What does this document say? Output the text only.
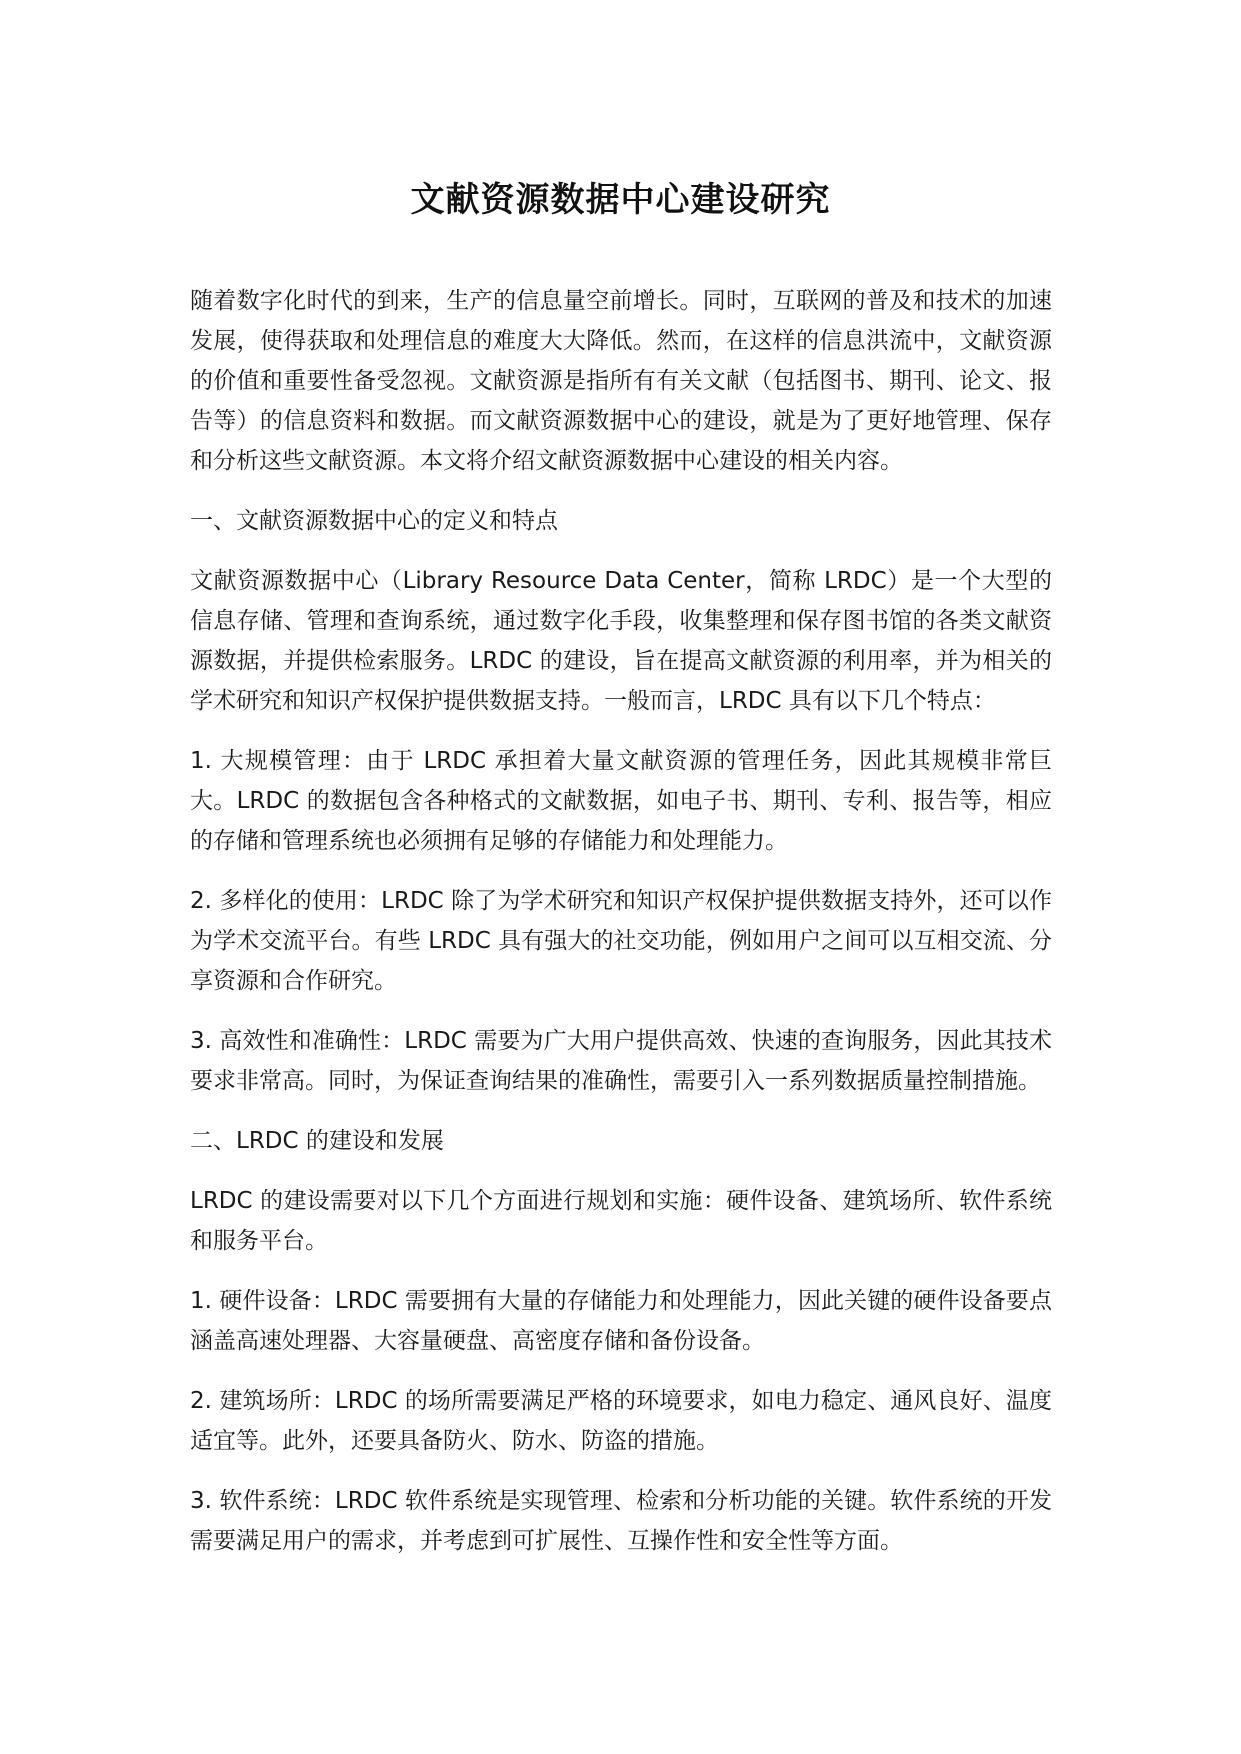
文献资源数据中心建设研究

随着数字化时代的到来，生产的信息量空前增长。同时，互联网的普及和技术的加速发展，使得获取和处理信息的难度大大降低。然而，在这样的信息洪流中，文献资源的价值和重要性备受忽视。文献资源是指所有有关文献（包括图书、期刊、论文、报告等）的信息资料和数据。而文献资源数据中心的建设，就是为了更好地管理、保存和分析这些文献资源。本文将介绍文献资源数据中心建设的相关内容。

一、文献资源数据中心的定义和特点

文献资源数据中心（Library Resource Data Center，简称 LRDC）是一个大型的信息存储、管理和查询系统，通过数字化手段，收集整理和保存图书馆的各类文献资源数据，并提供检索服务。LRDC 的建设，旨在提高文献资源的利用率，并为相关的学术研究和知识产权保护提供数据支持。一般而言，LRDC 具有以下几个特点：

1. 大规模管理：由于 LRDC 承担着大量文献资源的管理任务，因此其规模非常巨大。LRDC 的数据包含各种格式的文献数据，如电子书、期刊、专利、报告等，相应的存储和管理系统也必须拥有足够的存储能力和处理能力。

2. 多样化的使用：LRDC 除了为学术研究和知识产权保护提供数据支持外，还可以作为学术交流平台。有些 LRDC 具有强大的社交功能，例如用户之间可以互相交流、分享资源和合作研究。

3. 高效性和准确性：LRDC 需要为广大用户提供高效、快速的查询服务，因此其技术要求非常高。同时，为保证查询结果的准确性，需要引入一系列数据质量控制措施。

二、LRDC 的建设和发展

LRDC 的建设需要对以下几个方面进行规划和实施：硬件设备、建筑场所、软件系统和服务平台。

1. 硬件设备：LRDC 需要拥有大量的存储能力和处理能力，因此关键的硬件设备要点涵盖高速处理器、大容量硬盘、高密度存储和备份设备。

2. 建筑场所：LRDC 的场所需要满足严格的环境要求，如电力稳定、通风良好、温度适宜等。此外，还要具备防火、防水、防盗的措施。

3. 软件系统：LRDC 软件系统是实现管理、检索和分析功能的关键。软件系统的开发需要满足用户的需求，并考虑到可扩展性、互操作性和安全性等方面。
